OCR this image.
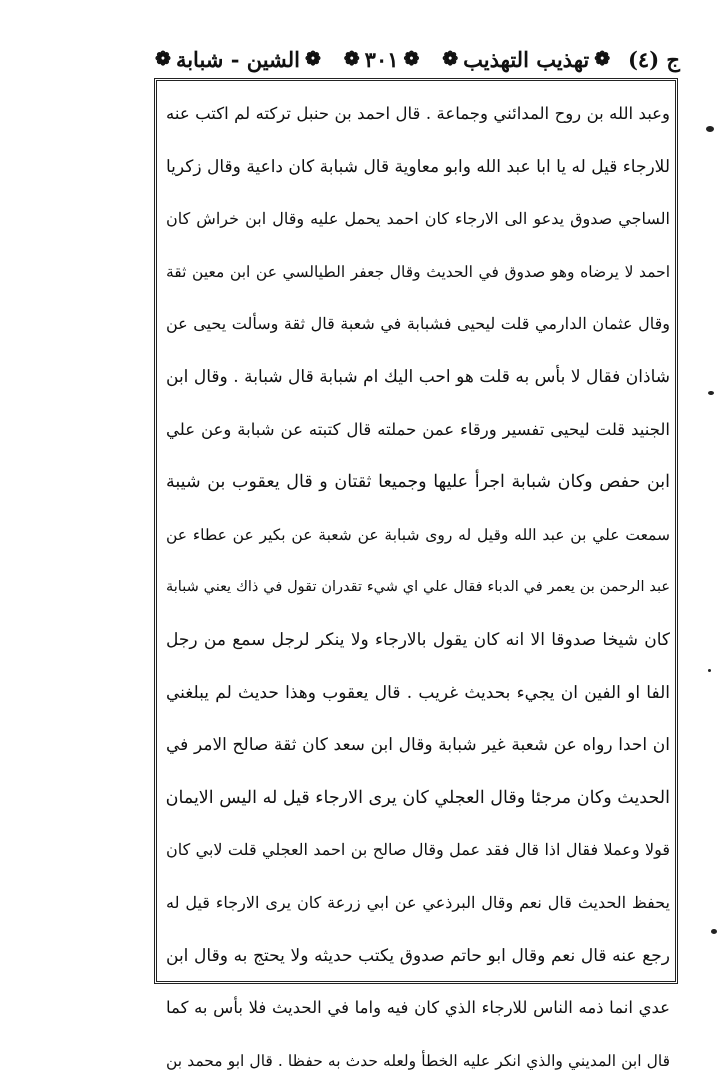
ج (٤)
❁
تهذيب التهذيب
❁
❁
٣٠١
❁
❁
الشين - شبابة
❁
وعبد الله بن روح المدائني وجماعة . قال احمد بن حنبل تركته لم اكتب عنه
للارجاء قيل له يا ابا عبد الله وابو معاوية قال شبابة كان داعية وقال زكريا
الساجي صدوق يدعو الى الارجاء كان احمد يحمل عليه وقال ابن خراش كان
احمد لا يرضاه وهو صدوق في الحديث وقال جعفر الطيالسي عن ابن معين ثقة
وقال عثمان الدارمي قلت ليحيى فشبابة في شعبة قال ثقة وسألت يحيى عن
شاذان فقال لا بأس به قلت هو احب اليك ام شبابة قال شبابة . وقال ابن
الجنيد قلت ليحيى تفسير ورقاء عمن حملته قال كتبته عن شبابة وعن علي
ابن حفص وكان شبابة اجرأ عليها وجميعا ثقتان و قال يعقوب بن شيبة
سمعت علي بن عبد الله وقيل له روى شبابة عن شعبة عن بكير عن عطاء عن
عبد الرحمن بن يعمر في الدباء فقال علي اي شيء تقدران تقول في ذاك يعني شبابة
كان شيخا صدوقا الا انه كان يقول بالارجاء ولا ينكر لرجل سمع من رجل
الفا او الفين ان يجيء بحديث غريب . قال يعقوب وهذا حديث لم يبلغني
ان احدا رواه عن شعبة غير شبابة وقال ابن سعد كان ثقة صالح الامر في
الحديث وكان مرجئا وقال العجلي كان يرى الارجاء قيل له اليس الايمان
قولا وعملا فقال اذا قال فقد عمل وقال صالح بن احمد العجلي قلت لابي كان
يحفظ الحديث قال نعم وقال البرذعي عن ابي زرعة كان يرى الارجاء قيل له
رجع عنه قال نعم وقال ابو حاتم صدوق يكتب حديثه ولا يحتج به وقال ابن
عدي انما ذمه الناس للارجاء الذي كان فيه واما في الحديث فلا بأس به كما
قال ابن المديني والذي انكر عليه الخطأ ولعله حدث به حفظا . قال ابو محمد بن
